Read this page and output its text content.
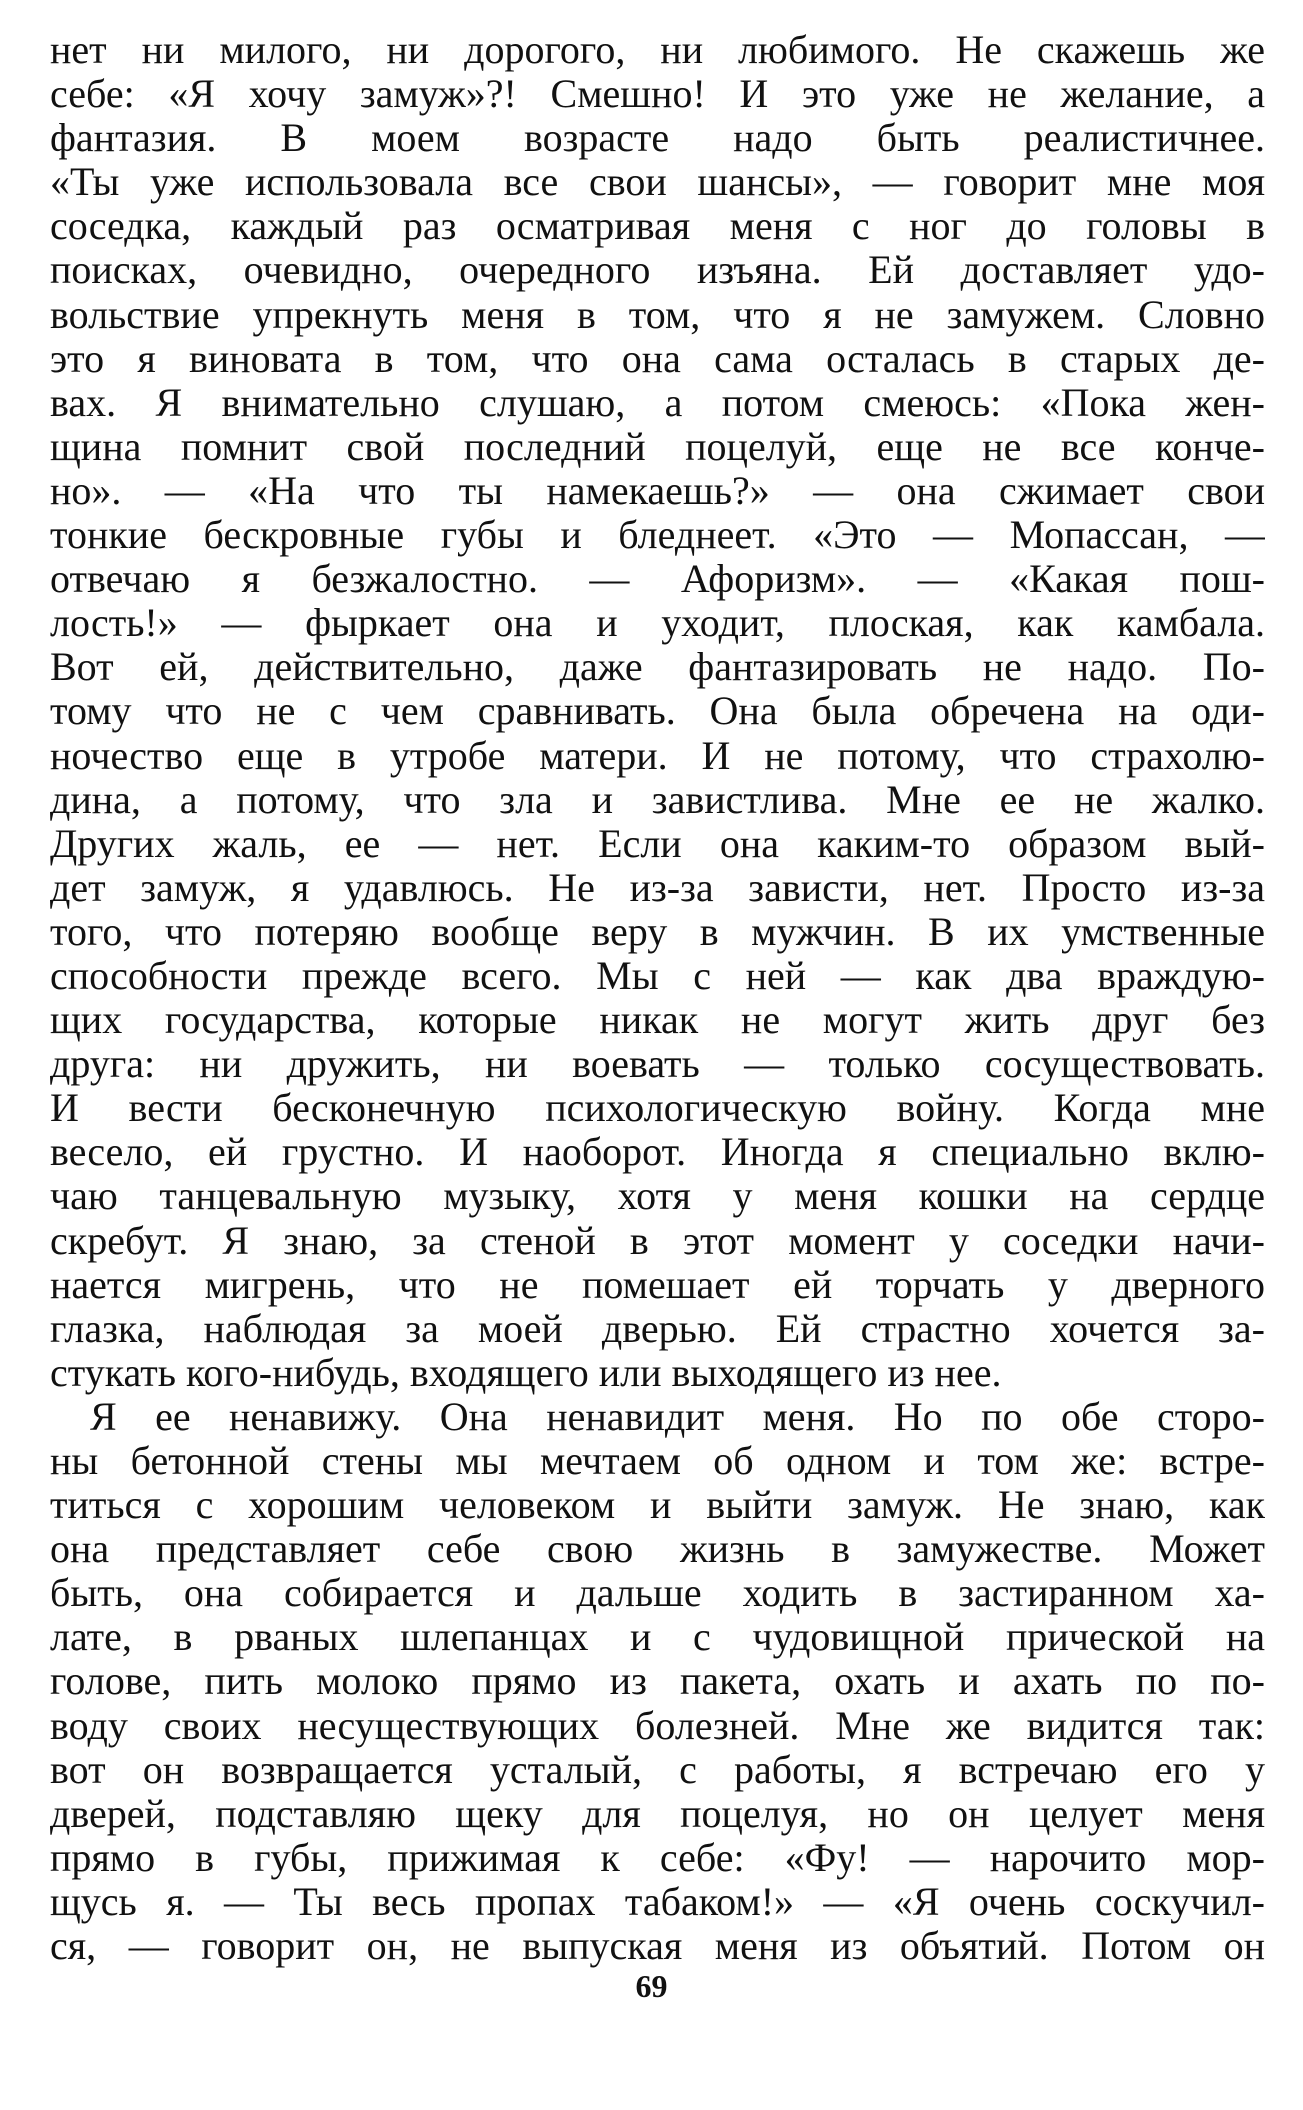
нет ни милого, ни дорогого, ни любимого. Не скажешь же
себе: «Я хочу замуж»?! Смешно! И это уже не желание, а
фантазия. В моем возрасте надо быть реалистичнее.
«Ты уже использовала все свои шансы», — говорит мне моя
соседка, каждый раз осматривая меня с ног до головы в
поисках, очевидно, очередного изъяна. Ей доставляет удо-
вольствие упрекнуть меня в том, что я не замужем. Словно
это я виновата в том, что она сама осталась в старых де-
вах. Я внимательно слушаю, а потом смеюсь: «Пока жен-
щина помнит свой последний поцелуй, еще не все конче-
но». — «На что ты намекаешь?» — она сжимает свои
тонкие бескровные губы и бледнеет. «Это — Мопассан, —
отвечаю я безжалостно. — Афоризм». — «Какая пош-
лость!» — фыркает она и уходит, плоская, как камбала.
Вот ей, действительно, даже фантазировать не надо. По-
тому что не с чем сравнивать. Она была обречена на оди-
ночество еще в утробе матери. И не потому, что страхолю-
дина, а потому, что зла и завистлива. Мне ее не жалко.
Других жаль, ее — нет. Если она каким-то образом вый-
дет замуж, я удавлюсь. Не из-за зависти, нет. Просто из-за
того, что потеряю вообще веру в мужчин. В их умственные
способности прежде всего. Мы с ней — как два враждую-
щих государства, которые никак не могут жить друг без
друга: ни дружить, ни воевать — только сосуществовать.
И вести бесконечную психологическую войну. Когда мне
весело, ей грустно. И наоборот. Иногда я специально вклю-
чаю танцевальную музыку, хотя у меня кошки на сердце
скребут. Я знаю, за стеной в этот момент у соседки начи-
нается мигрень, что не помешает ей торчать у дверного
глазка, наблюдая за моей дверью. Ей страстно хочется за-
стукать кого-нибудь, входящего или выходящего из нее.
Я ее ненавижу. Она ненавидит меня. Но по обе сторо-
ны бетонной стены мы мечтаем об одном и том же: встре-
титься с хорошим человеком и выйти замуж. Не знаю, как
она представляет себе свою жизнь в замужестве. Может
быть, она собирается и дальше ходить в застиранном ха-
лате, в рваных шлепанцах и с чудовищной прической на
голове, пить молоко прямо из пакета, охать и ахать по по-
воду своих несуществующих болезней. Мне же видится так:
вот он возвращается усталый, с работы, я встречаю его у
дверей, подставляю щеку для поцелуя, но он целует меня
прямо в губы, прижимая к себе: «Фу! — нарочито мор-
щусь я. — Ты весь пропах табаком!» — «Я очень соскучил-
ся, — говорит он, не выпуская меня из объятий. Потом он
69
